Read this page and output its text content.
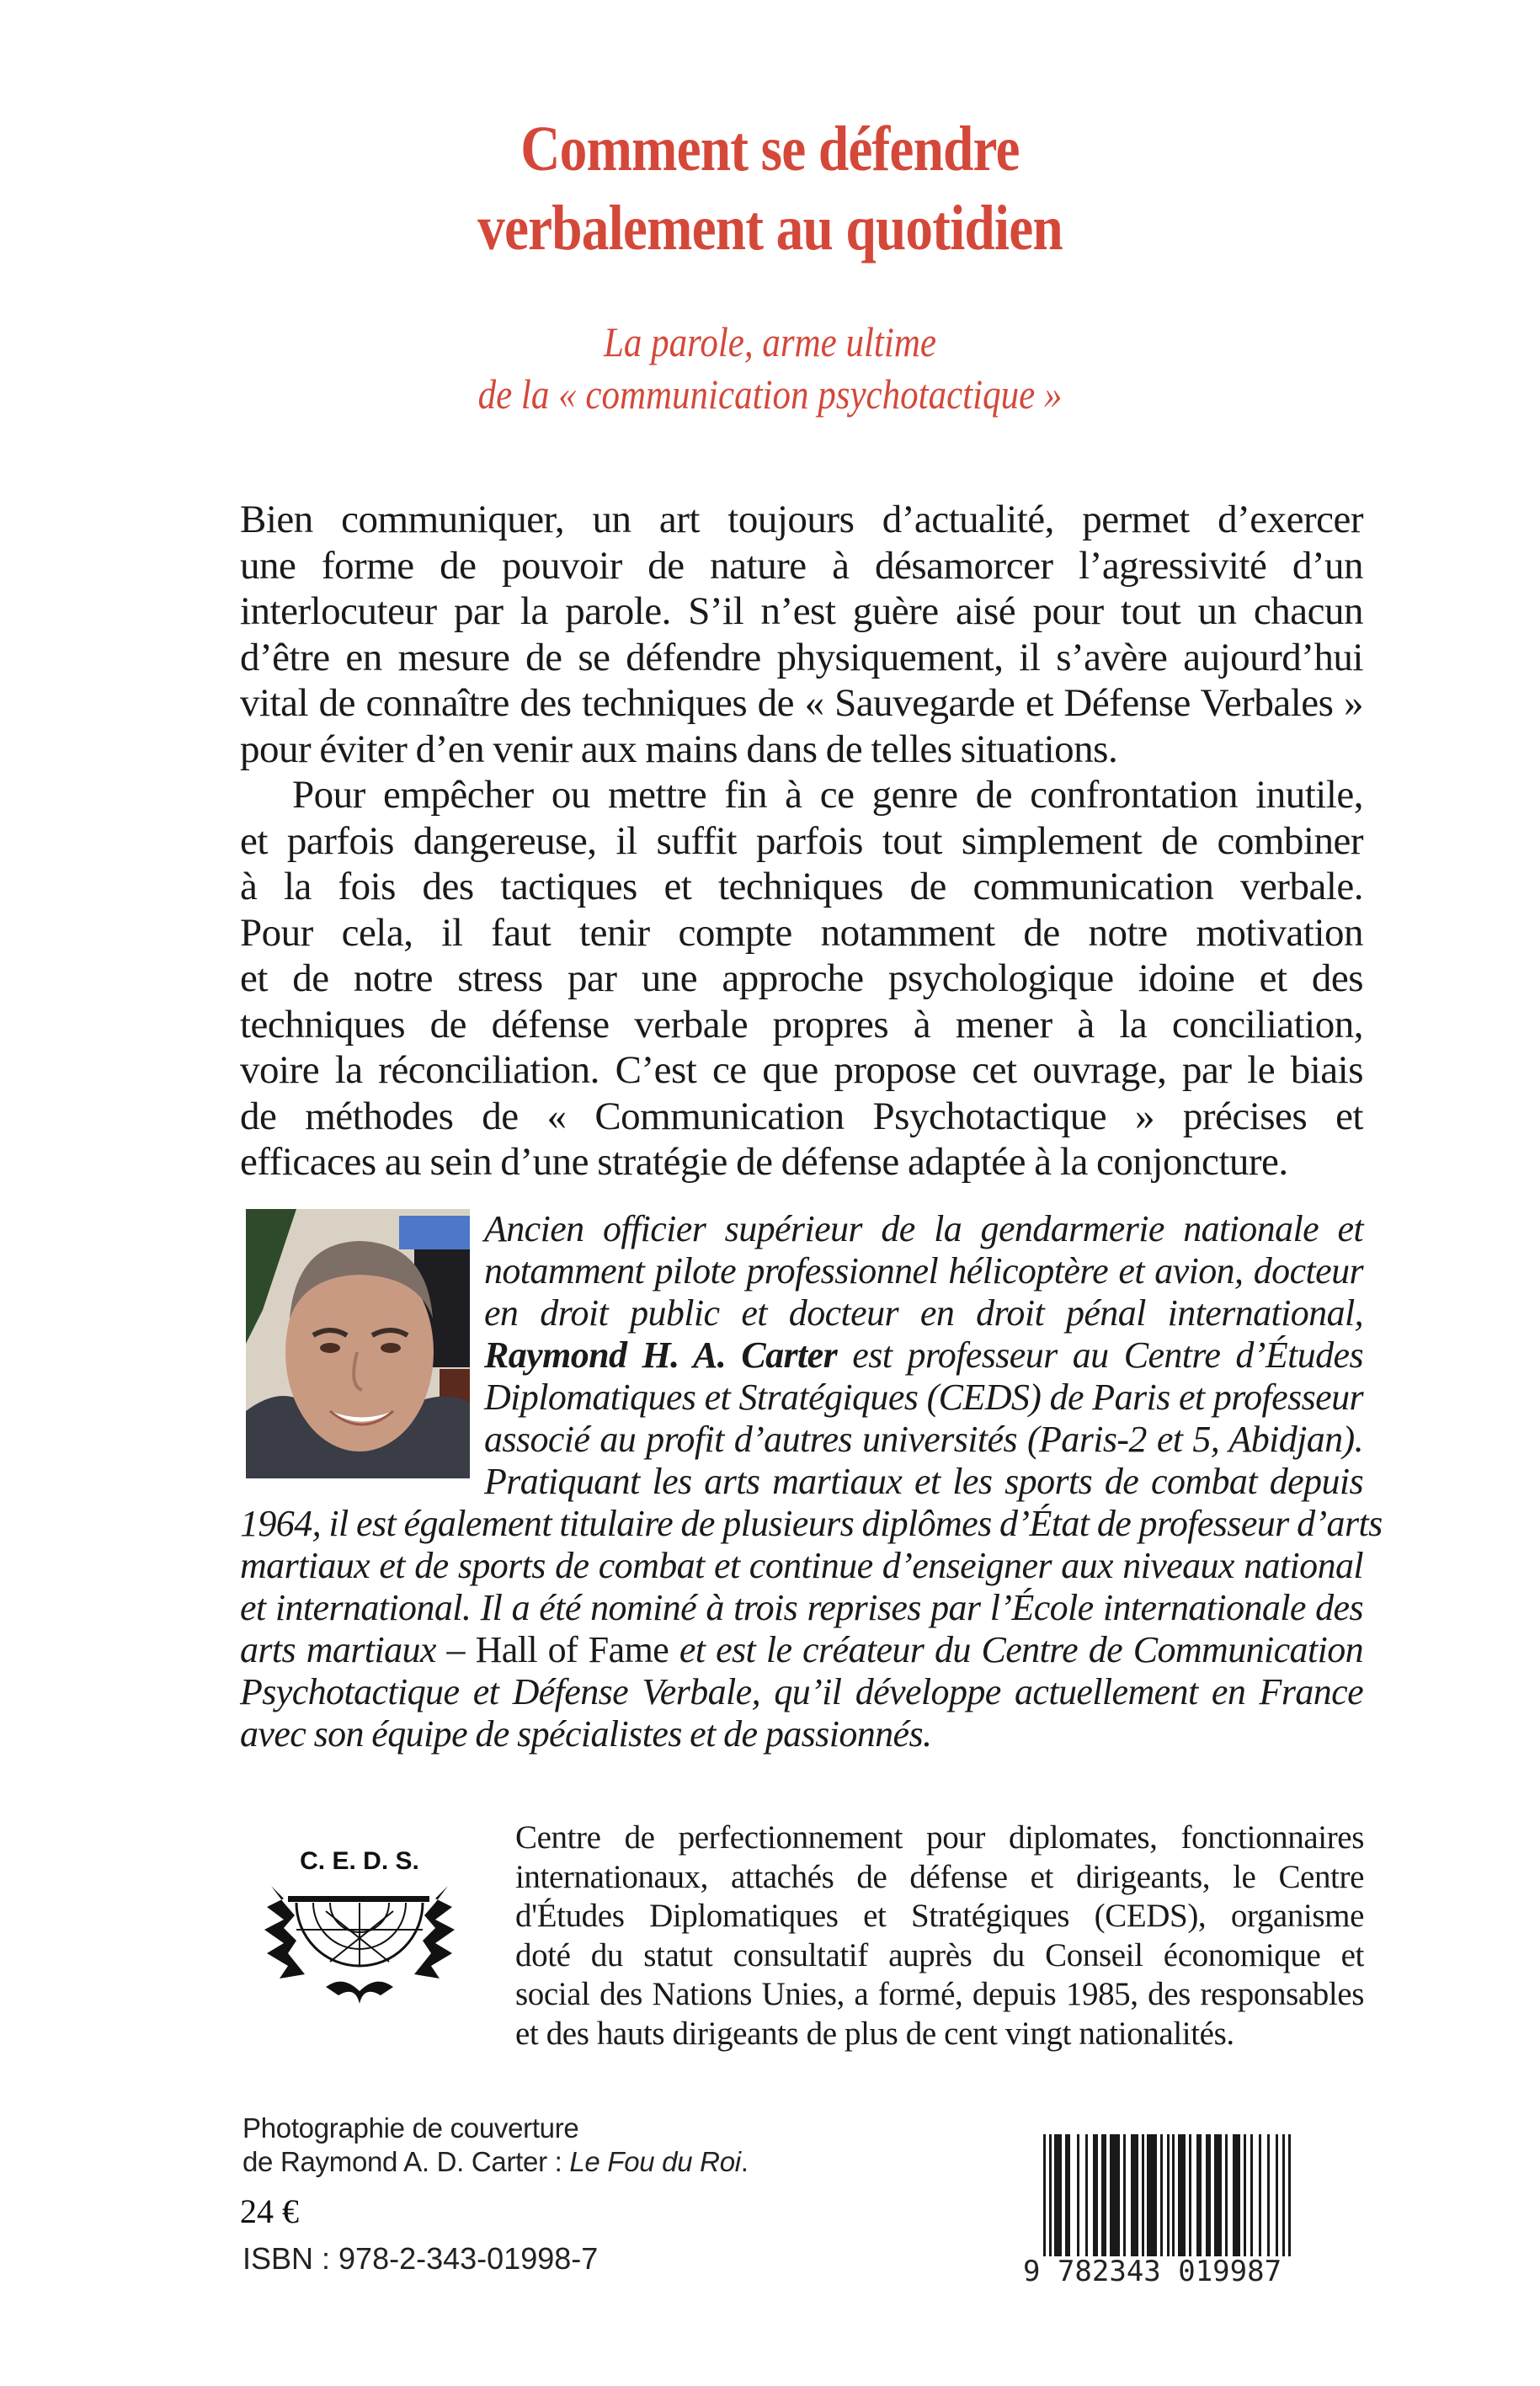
Comment se défendre
verbalement au quotidien
La parole, arme ultime
de la « communication psychotactique »

Bien communiquer, un art toujours d’actualité, permet d’exercer
une forme de pouvoir de nature à désamorcer l’agressivité d’un
interlocuteur par la parole. S’il n’est guère aisé pour tout un chacun
d’être en mesure de se défendre physiquement, il s’avère aujourd’hui
vital de connaître des techniques de « Sauvegarde et Défense Verbales »
pour éviter d’en venir aux mains dans de telles situations.

Pour empêcher ou mettre fin à ce genre de confrontation inutile,
et parfois dangereuse, il suffit parfois tout simplement de combiner
à la fois des tactiques et techniques de communication verbale.
Pour cela, il faut tenir compte notamment de notre motivation
et de notre stress par une approche psychologique idoine et des
techniques de défense verbale propres à mener à la conciliation,
voire la réconciliation. C’est ce que propose cet ouvrage, par le biais
de méthodes de « Communication Psychotactique » précises et
efficaces au sein d’une stratégie de défense adaptée à la conjoncture.

Ancien officier supérieur de la gendarmerie nationale et
notamment pilote professionnel hélicoptère et avion, docteur
en droit public et docteur en droit pénal international,
Raymond H. A. Carter est professeur au Centre d’Études
Diplomatiques et Stratégiques (CEDS) de Paris et professeur
associé au profit d’autres universités (Paris-2 et 5, Abidjan).
Pratiquant les arts martiaux et les sports de combat depuis
1964, il est également titulaire de plusieurs diplômes d’État de professeur d’arts
martiaux et de sports de combat et continue d’enseigner aux niveaux national
et international. Il a été nominé à trois reprises par l’École internationale des
arts martiaux – Hall of Fame et est le créateur du Centre de Communication
Psychotactique et Défense Verbale, qu’il développe actuellement en France
avec son équipe de spécialistes et de passionnés.
C. E. D. S.
Centre de perfectionnement pour diplomates, fonctionnaires
internationaux, attachés de défense et dirigeants, le Centre
d'Études Diplomatiques et Stratégiques (CEDS), organisme
doté du statut consultatif auprès du Conseil économique et
social des Nations Unies, a formé, depuis 1985, des responsables
et des hauts dirigeants de plus de cent vingt nationalités.
Photographie de couverture
de Raymond A. D. Carter : Le Fou du Roi.
24 €
ISBN : 978-2-343-01998-7	9 782343 019987
